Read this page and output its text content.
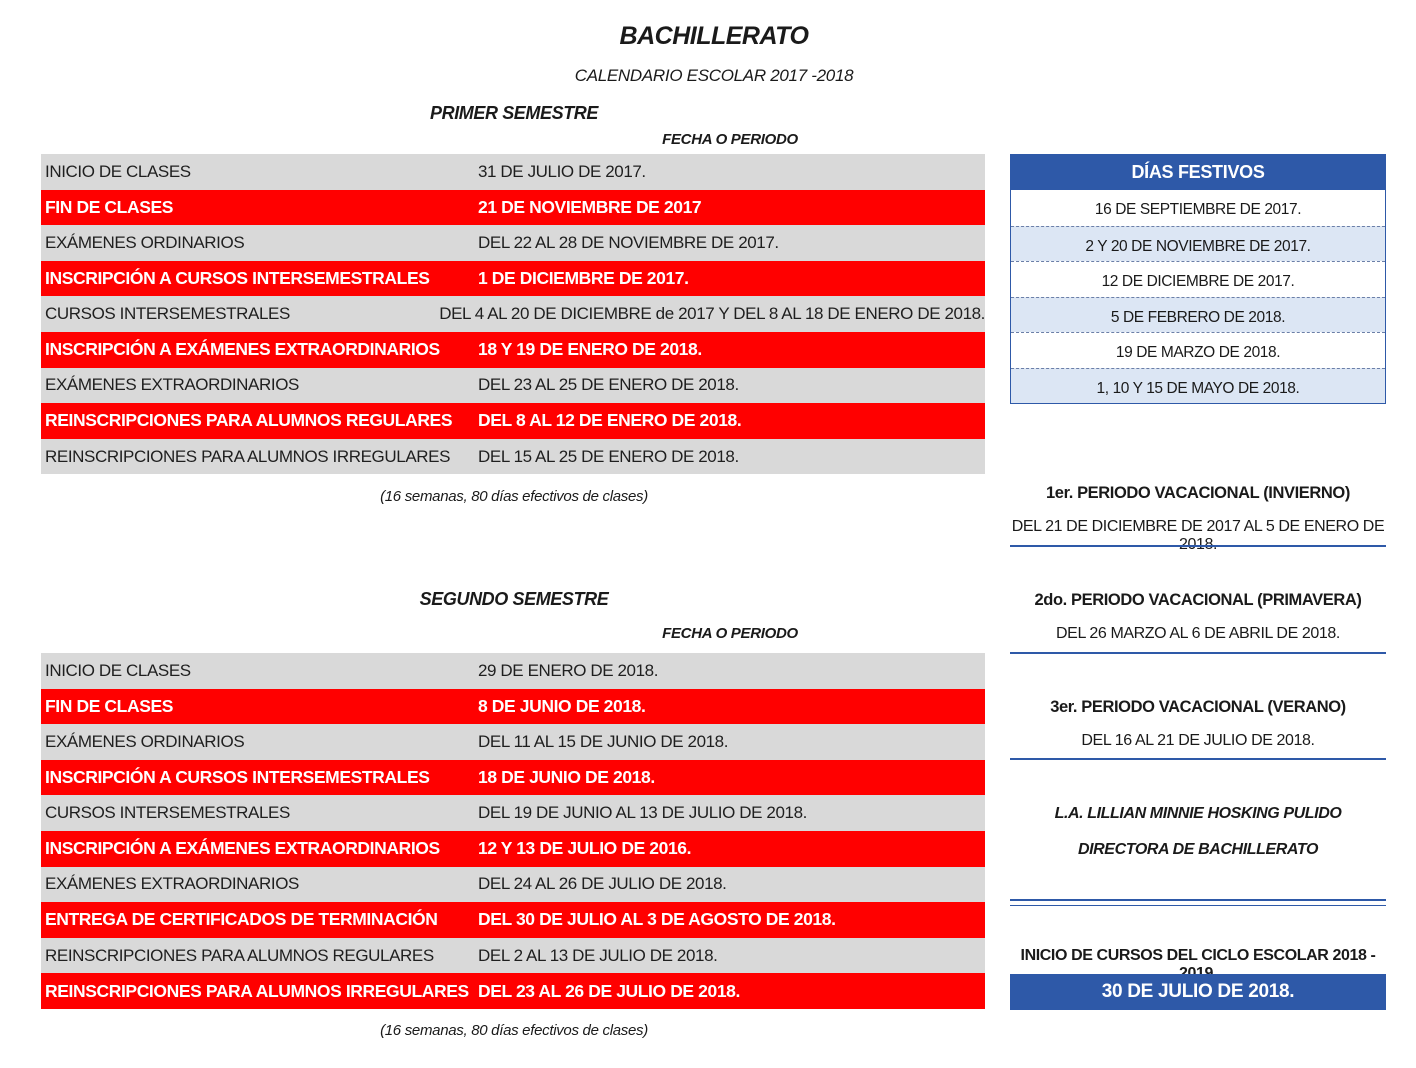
BACHILLERATO
CALENDARIO ESCOLAR 2017 -2018
PRIMER SEMESTRE
FECHA O PERIODO
INICIO DE CLASES	31 DE JULIO DE 2017.
FIN DE CLASES	21 DE NOVIEMBRE DE 2017
EXÁMENES ORDINARIOS	DEL 22 AL 28 DE NOVIEMBRE DE 2017.
INSCRIPCIÓN A CURSOS INTERSEMESTRALES	1 DE DICIEMBRE DE 2017.
CURSOS INTERSEMESTRALES	DEL 4 AL 20 DE DICIEMBRE de 2017 Y DEL 8 AL 18 DE ENERO DE 2018.
INSCRIPCIÓN A EXÁMENES EXTRAORDINARIOS	18 Y 19 DE ENERO DE 2018.
EXÁMENES EXTRAORDINARIOS	DEL 23 AL 25 DE ENERO DE 2018.
REINSCRIPCIONES PARA ALUMNOS REGULARES	DEL 8 AL 12 DE ENERO DE 2018.
REINSCRIPCIONES PARA ALUMNOS IRREGULARES	DEL 15 AL 25 DE ENERO DE 2018.
(16 semanas, 80 días efectivos de clases)
SEGUNDO SEMESTRE
FECHA O PERIODO
INICIO DE CLASES	29 DE ENERO DE 2018.
FIN DE CLASES	8 DE JUNIO DE 2018.
EXÁMENES ORDINARIOS	DEL 11 AL 15 DE JUNIO DE 2018.
INSCRIPCIÓN A CURSOS INTERSEMESTRALES	18 DE JUNIO DE 2018.
CURSOS INTERSEMESTRALES	DEL 19 DE JUNIO AL 13 DE JULIO DE 2018.
INSCRIPCIÓN A EXÁMENES EXTRAORDINARIOS	12 Y 13 DE JULIO DE 2016.
EXÁMENES EXTRAORDINARIOS	DEL 24 AL 26 DE JULIO DE 2018.
ENTREGA DE CERTIFICADOS DE TERMINACIÓN	DEL 30 DE JULIO AL 3 DE AGOSTO DE 2018.
REINSCRIPCIONES PARA ALUMNOS REGULARES	DEL 2 AL 13 DE JULIO DE 2018.
REINSCRIPCIONES PARA ALUMNOS IRREGULARES DEL 23 AL 26 DE JULIO DE 2018.
(16 semanas, 80 días efectivos de clases)
DÍAS FESTIVOS
16 DE SEPTIEMBRE DE 2017.
2 Y 20 DE NOVIEMBRE DE 2017.
12 DE DICIEMBRE DE 2017.
5 DE FEBRERO DE 2018.
19 DE MARZO DE 2018.
1, 10 Y 15 DE MAYO DE 2018.
1er. PERIODO VACACIONAL (INVIERNO)
DEL 21 DE DICIEMBRE DE 2017 AL 5 DE ENERO DE 2018.
2do. PERIODO VACACIONAL (PRIMAVERA)
DEL 26 MARZO AL 6 DE ABRIL DE 2018.
3er. PERIODO VACACIONAL (VERANO)
DEL 16 AL 21 DE JULIO DE 2018.
L.A. LILLIAN MINNIE HOSKING PULIDO
DIRECTORA DE BACHILLERATO
INICIO DE CURSOS DEL CICLO ESCOLAR 2018 -
30 DE JULIO DE 2018.
